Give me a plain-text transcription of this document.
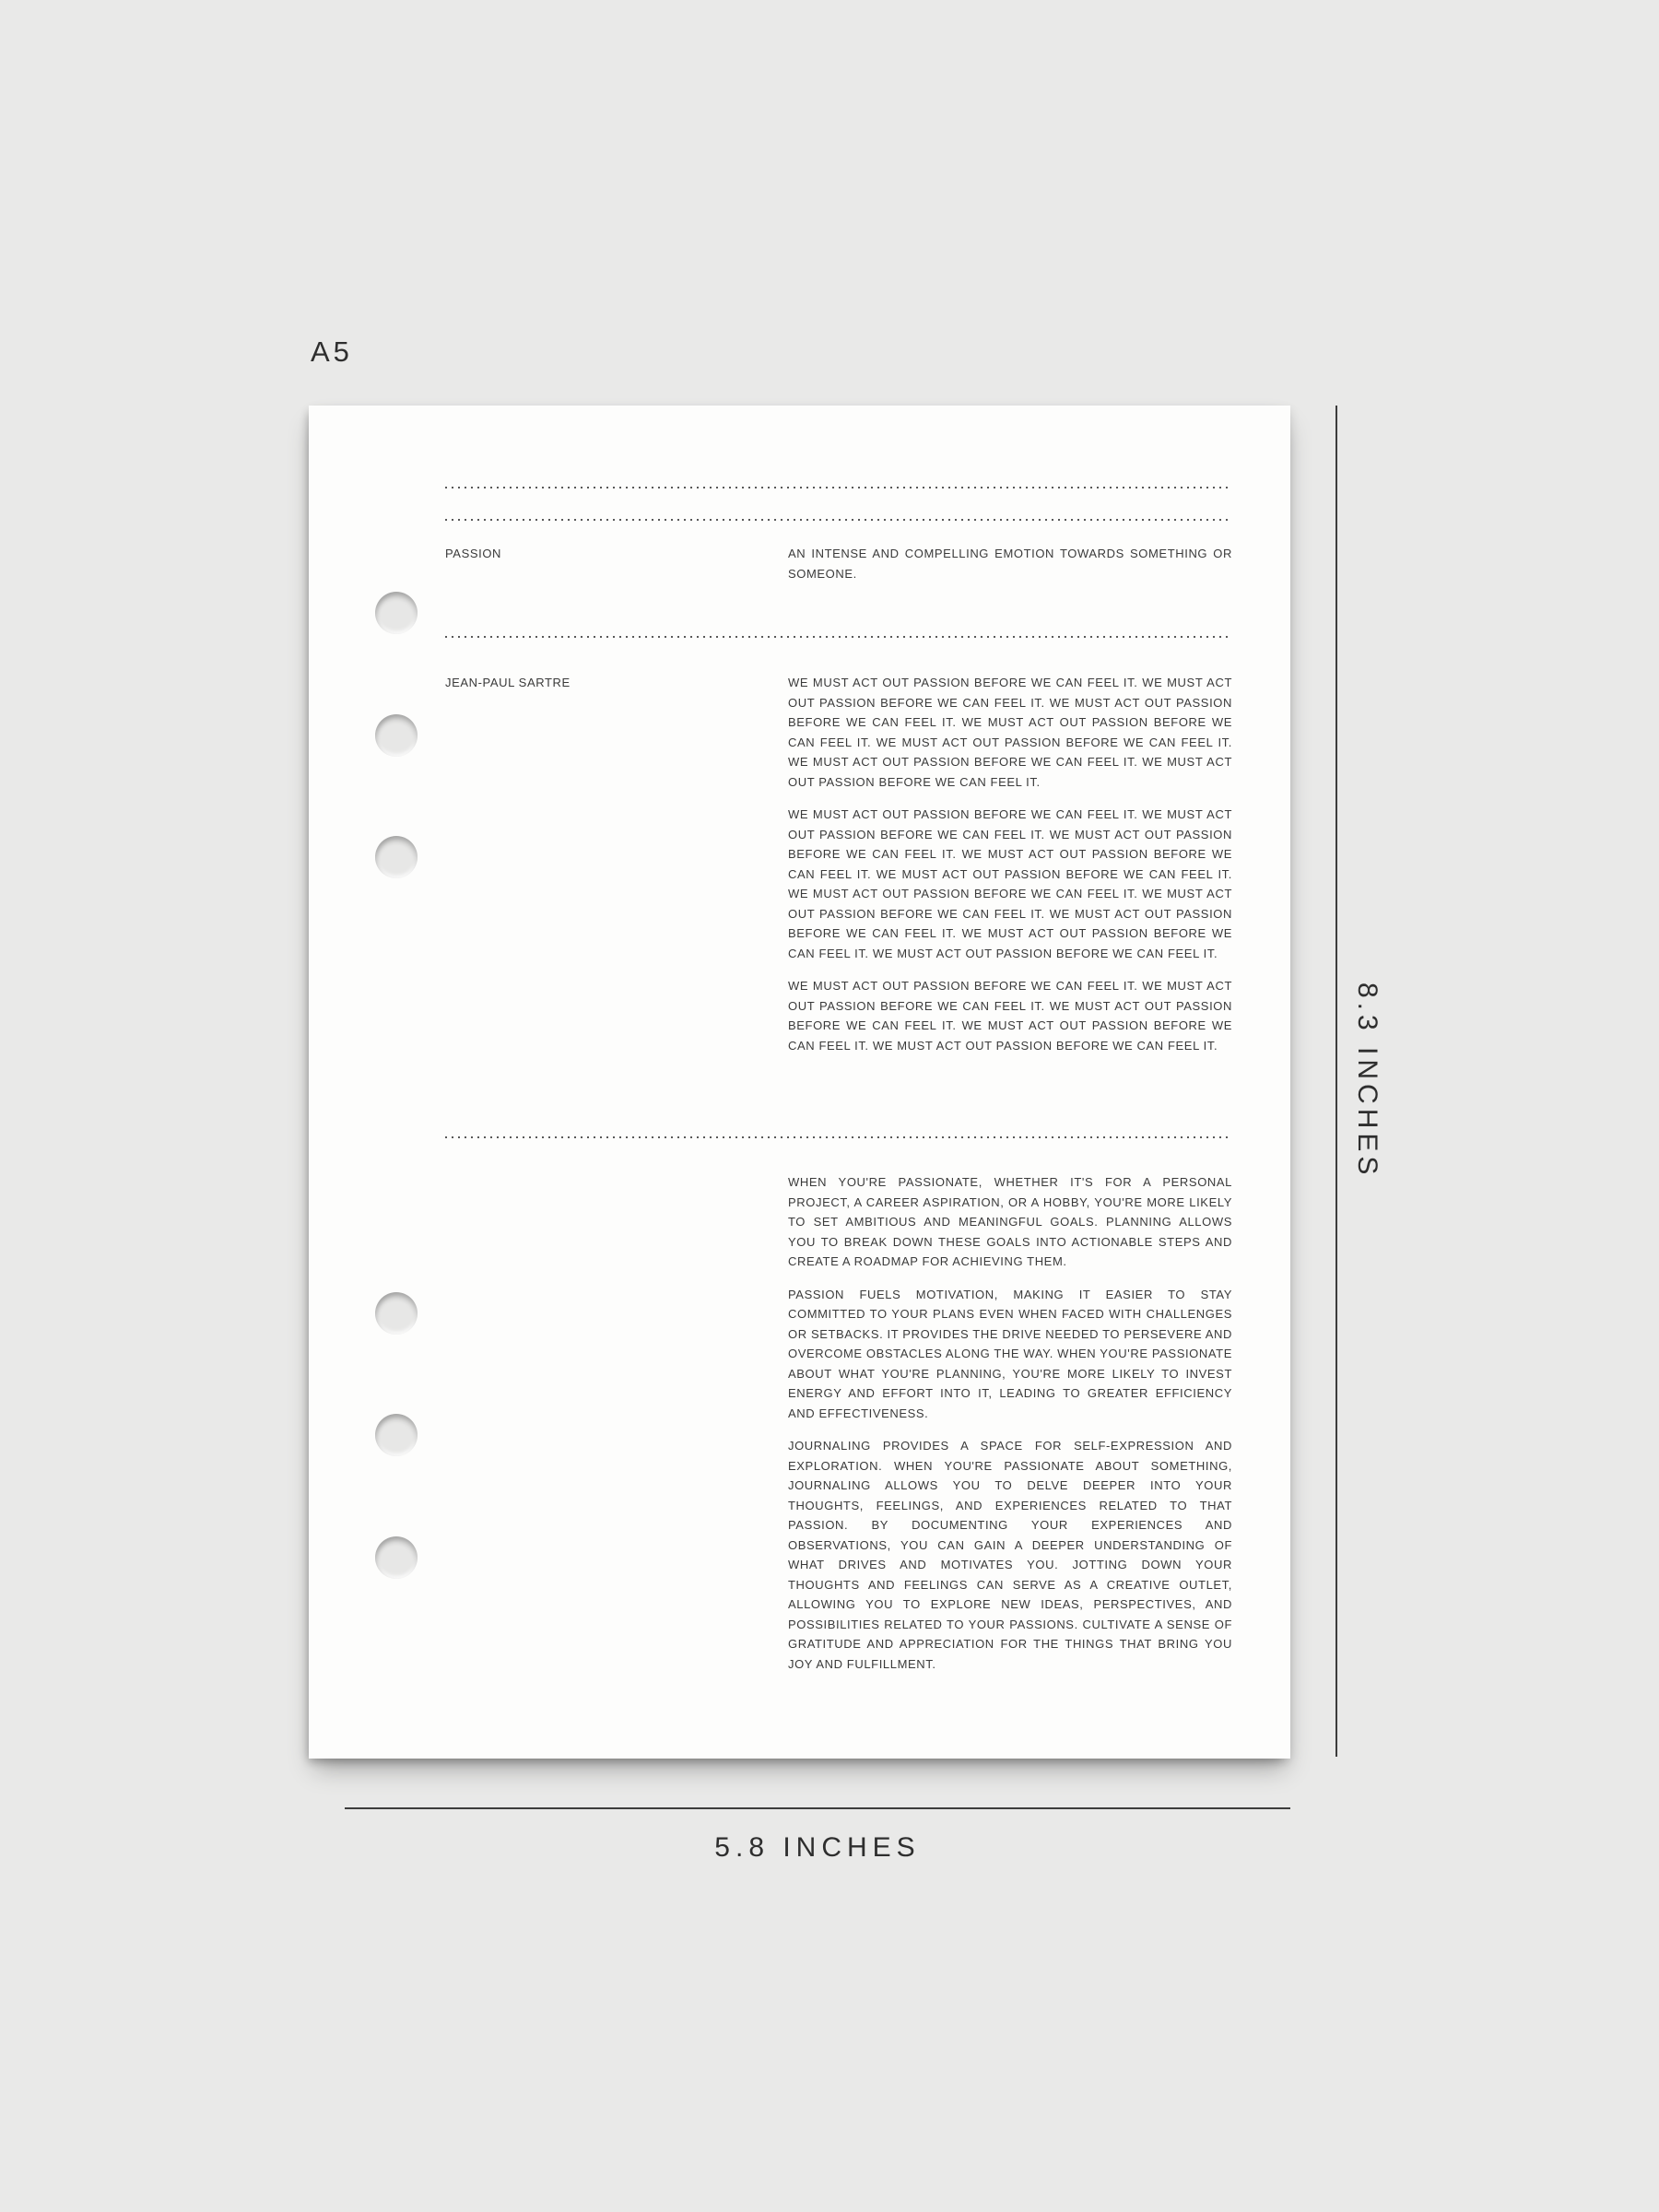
A5
PASSION	AN INTENSE AND COMPELLING EMOTION TOWARDS SOMETHING OR SOMEONE.

JEAN-PAUL SARTRE	WE MUST ACT OUT PASSION BEFORE WE CAN FEEL IT. WE MUST ACT OUT PASSION BEFORE WE CAN FEEL IT. WE MUST ACT OUT PASSION BEFORE WE CAN FEEL IT. WE MUST ACT OUT PASSION BEFORE WE CAN FEEL IT. WE MUST ACT OUT PASSION BEFORE WE CAN FEEL IT. WE MUST ACT OUT PASSION BEFORE WE CAN FEEL IT. WE MUST ACT OUT PASSION BEFORE WE CAN FEEL IT.

WE MUST ACT OUT PASSION BEFORE WE CAN FEEL IT. WE MUST ACT OUT PASSION BEFORE WE CAN FEEL IT. WE MUST ACT OUT PASSION BEFORE WE CAN FEEL IT. WE MUST ACT OUT PASSION BEFORE WE CAN FEEL IT. WE MUST ACT OUT PASSION BEFORE WE CAN FEEL IT. WE MUST ACT OUT PASSION BEFORE WE CAN FEEL IT. WE MUST ACT OUT PASSION BEFORE WE CAN FEEL IT. WE MUST ACT OUT PASSION BEFORE WE CAN FEEL IT. WE MUST ACT OUT PASSION BEFORE WE CAN FEEL IT. WE MUST ACT OUT PASSION BEFORE WE CAN FEEL IT.

WE MUST ACT OUT PASSION BEFORE WE CAN FEEL IT. WE MUST ACT OUT PASSION BEFORE WE CAN FEEL IT. WE MUST ACT OUT PASSION BEFORE WE CAN FEEL IT. WE MUST ACT OUT PASSION BEFORE WE CAN FEEL IT. WE MUST ACT OUT PASSION BEFORE WE CAN FEEL IT.

WHEN YOU'RE PASSIONATE, WHETHER IT'S FOR A PERSONAL PROJECT, A CAREER ASPIRATION, OR A HOBBY, YOU'RE MORE LIKELY TO SET AMBITIOUS AND MEANINGFUL GOALS. PLANNING ALLOWS YOU TO BREAK DOWN THESE GOALS INTO ACTIONABLE STEPS AND CREATE A ROADMAP FOR ACHIEVING THEM.

PASSION FUELS MOTIVATION, MAKING IT EASIER TO STAY COMMITTED TO YOUR PLANS EVEN WHEN FACED WITH CHALLENGES OR SETBACKS. IT PROVIDES THE DRIVE NEEDED TO PERSEVERE AND OVERCOME OBSTACLES ALONG THE WAY. WHEN YOU'RE PASSIONATE ABOUT WHAT YOU'RE PLANNING, YOU'RE MORE LIKELY TO INVEST ENERGY AND EFFORT INTO IT, LEADING TO GREATER EFFICIENCY AND EFFECTIVENESS.

JOURNALING PROVIDES A SPACE FOR SELF-EXPRESSION AND EXPLORATION. WHEN YOU'RE PASSIONATE ABOUT SOMETHING, JOURNALING ALLOWS YOU TO DELVE DEEPER INTO YOUR THOUGHTS, FEELINGS, AND EXPERIENCES RELATED TO THAT PASSION. BY DOCUMENTING YOUR EXPERIENCES AND OBSERVATIONS, YOU CAN GAIN A DEEPER UNDERSTANDING OF WHAT DRIVES AND MOTIVATES YOU. JOTTING DOWN YOUR THOUGHTS AND FEELINGS CAN SERVE AS A CREATIVE OUTLET, ALLOWING YOU TO EXPLORE NEW IDEAS, PERSPECTIVES, AND POSSIBILITIES RELATED TO YOUR PASSIONS. CULTIVATE A SENSE OF GRATITUDE AND APPRECIATION FOR THE THINGS THAT BRING YOU JOY AND FULFILLMENT.

8.3 INCHES
5.8 INCHES
